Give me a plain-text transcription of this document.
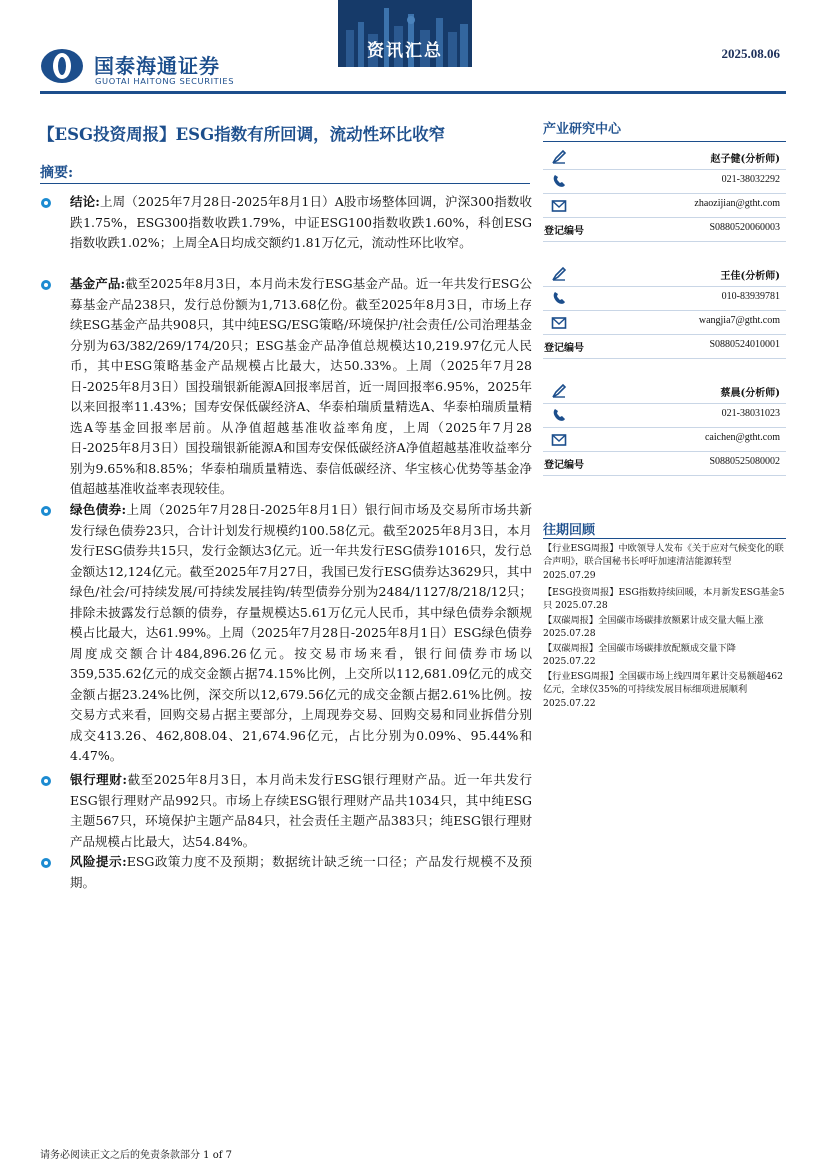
国泰海通证券
GUOTAI HAITONG SECURITIES
资讯汇总	2025.08.06
【ESG投资周报】ESG指数有所回调，流动性环比收窄
摘要:
结论:上周（2025年7月28日-2025年8月1日）A股市场整体回调，沪深300指数收跌1.75%，ESG300指数收跌1.79%，中证ESG100指数收跌1.60%，科创ESG指数收跌1.02%；上周全A日均成交额约1.81万亿元，流动性环比收窄。
基金产品:截至2025年8月3日，本月尚未发行ESG基金产品。近一年共发行ESG公募基金产品238只，发行总份额为1,713.68亿份。截至2025年8月3日，市场上存续ESG基金产品共908只，其中纯ESG/ESG策略/环境保护/社会责任/公司治理基金分别为63/382/269/174/20只；ESG基金产品净值总规模达10,219.97亿元人民币，其中ESG策略基金产品规模占比最大，达50.33%。上周（2025年7月28日-2025年8月3日）国投瑞银新能源A回报率居首，近一周回报率6.95%，2025年以来回报率11.43%；国寿安保低碳经济A、华泰柏瑞质量精选A、华泰柏瑞质量精选A等基金回报率居前。从净值超越基准收益率角度，上周（2025年7月28日-2025年8月3日）国投瑞银新能源A和国寿安保低碳经济A净值超越基准收益率分别为9.65%和8.85%；华泰柏瑞质量精选、泰信低碳经济、华宝核心优势等基金净值超越基准收益率表现较佳。
绿色债券:上周（2025年7月28日-2025年8月1日）银行间市场及交易所市场共新发行绿色债券23只，合计计划发行规模约100.58亿元。截至2025年8月3日，本月发行ESG债券共15只，发行金额达3亿元。近一年共发行ESG债券1016只，发行总金额达12,124亿元。截至2025年7月27日，我国已发行ESG债券达3629只，其中绿色/社会/可持续发展/可持续发展挂钩/转型债券分别为2484/1127/8/218/12只；排除未披露发行总额的债券，存量规模达5.61万亿元人民币，其中绿色债券余额规模占比最大，达61.99%。上周（2025年7月28日-2025年8月1日）ESG绿色债券周度成交额合计484,896.26亿元。按交易市场来看，银行间债券市场以359,535.62亿元的成交金额占据74.15%比例，上交所以112,681.09亿元的成交金额占据23.24%比例，深交所以12,679.56亿元的成交金额占据2.61%比例。按交易方式来看，回购交易占据主要部分，上周现券交易、回购交易和同业拆借分别成交413.26、462,808.04、21,674.96亿元，占比分别为0.09%、95.44%和4.47%。
银行理财:截至2025年8月3日，本月尚未发行ESG银行理财产品。近一年共发行ESG银行理财产品992只。市场上存续ESG银行理财产品共1034只，其中纯ESG主题567只，环境保护主题产品84只，社会责任主题产品383只；纯ESG银行理财产品规模占比最大，达54.84%。
风险提示:ESG政策力度不及预期；数据统计缺乏统一口径；产品发行规模不及预期。
产业研究中心
赵子健(分析师)
021-38032292
zhaozijian@gtht.com
登记编号	S0880520060003
王佳(分析师)
010-83939781
wangjia7@gtht.com
登记编号	S0880524010001
蔡晨(分析师)
021-38031023
caichen@gtht.com
登记编号	S0880525080002
往期回顾
【行业ESG周报】中欧领导人发布《关于应对气候变化的联合声明》，联合国秘书长呼吁加速清洁能源转型 2025.07.29
【ESG投资周报】ESG指数持续回暖，本月新发ESG基金5只 2025.07.28
【双碳周报】全国碳市场碳排放额累计成交量大幅上涨 2025.07.28
【双碳周报】全国碳市场碳排放配额成交量下降 2025.07.22
【行业ESG周报】全国碳市场上线四周年累计交易额超462亿元，全球仅35%的可持续发展目标细项进展顺利 2025.07.22
请务必阅读正文之后的免责条款部分 1 of 7
